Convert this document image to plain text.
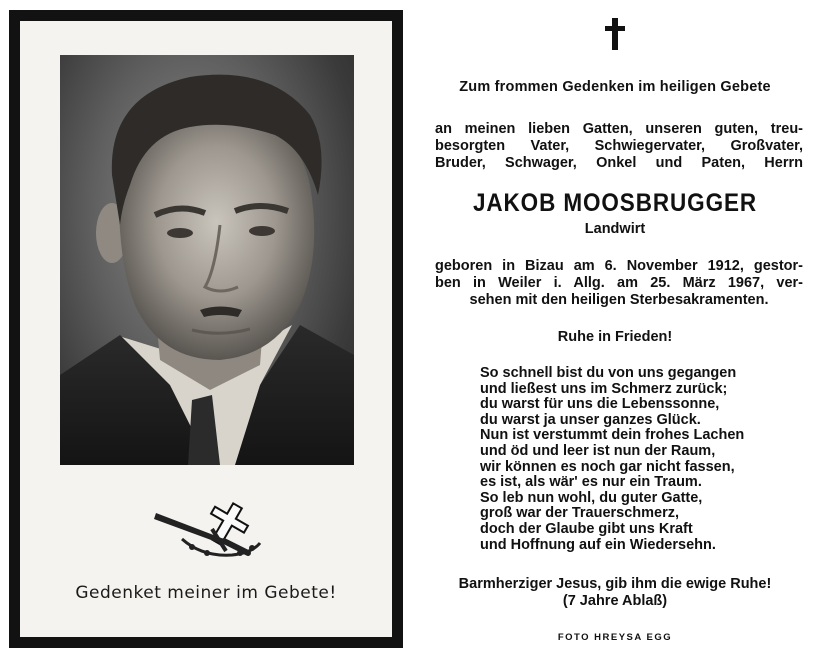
Gedenket meiner im Gebete!
Zum frommen Gedenken im heiligen Gebete
an meinen lieben Gatten, unseren guten, treu-
besorgten Vater, Schwiegervater, Großvater,
Bruder, Schwager, Onkel und Paten, Herrn
JAKOB MOOSBRUGGER
Landwirt
geboren in Bizau am 6. November 1912, gestor-
ben in Weiler i. Allg. am 25. März 1967, ver-
sehen mit den heiligen Sterbesakramenten.
Ruhe in Frieden!
So schnell bist du von uns gegangen
und ließest uns im Schmerz zurück;
du warst für uns die Lebenssonne,
du warst ja unser ganzes Glück.
Nun ist verstummt dein frohes Lachen
und öd und leer ist nun der Raum,
wir können es noch gar nicht fassen,
es ist, als wär' es nur ein Traum.
So leb nun wohl, du guter Gatte,
groß war der Trauerschmerz,
doch der Glaube gibt uns Kraft
und Hoffnung auf ein Wiedersehn.
Barmherziger Jesus, gib ihm die ewige Ruhe!
(7 Jahre Ablaß)
FOTO HREYSA EGG
